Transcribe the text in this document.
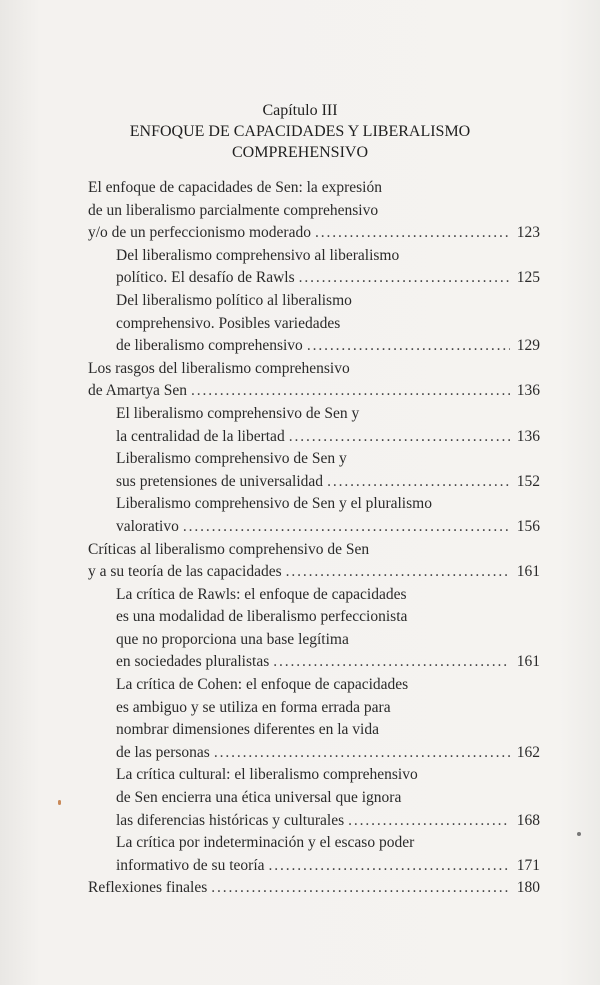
Capítulo III
ENFOQUE DE CAPACIDADES Y LIBERALISMO
COMPREHENSIVO
El enfoque de capacidades de Sen: la expresión
de un liberalismo parcialmente comprehensivo
y/o de un perfeccionismo moderado . . .	123
Del liberalismo comprehensivo al liberalismo
político. El desafío de Rawls . . .	125
Del liberalismo político al liberalismo
comprehensivo. Posibles variedades
de liberalismo comprehensivo . . .	129
Los rasgos del liberalismo comprehensivo
de Amartya Sen . . .	136
El liberalismo comprehensivo de Sen y
la centralidad de la libertad . . .	136
Liberalismo comprehensivo de Sen y
sus pretensiones de universalidad . . .	152
Liberalismo comprehensivo de Sen y el pluralismo
valorativo . . .	156
Críticas al liberalismo comprehensivo de Sen
y a su teoría de las capacidades . . .	161
La crítica de Rawls: el enfoque de capacidades
es una modalidad de liberalismo perfeccionista
que no proporciona una base legítima
en sociedades pluralistas . . .	161
La crítica de Cohen: el enfoque de capacidades
es ambiguo y se utiliza en forma errada para
nombrar dimensiones diferentes en la vida
de las personas . . .	162
La crítica cultural: el liberalismo comprehensivo
de Sen encierra una ética universal que ignora
las diferencias históricas y culturales . . .	168
La crítica por indeterminación y el escaso poder
informativo de su teoría . . .	171
Reflexiones finales . . .	180
